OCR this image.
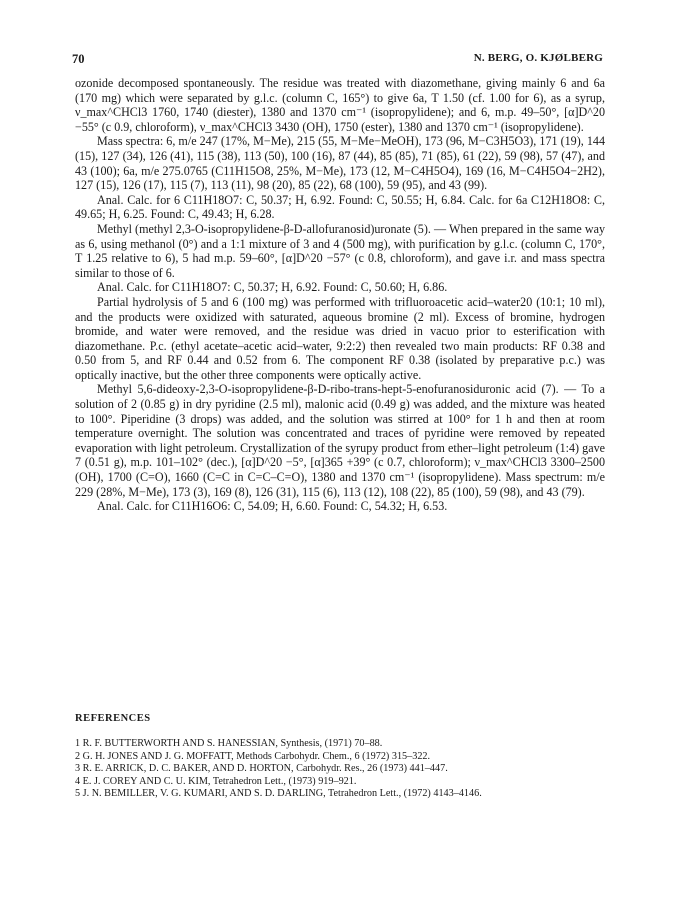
70	N. BERG, O. KJØLBERG

ozonide decomposed spontaneously. The residue was treated with diazomethane, giving mainly 6 and 6a (170 mg) which were separated by g.l.c. (column C, 165°) to give 6a, T 1.50 (cf. 1.00 for 6), as a syrup, ν_max^CHCl3 1760, 1740 (diester), 1380 and 1370 cm⁻¹ (isopropylidene); and 6, m.p. 49–50°, [α]D^20 −55° (c 0.9, chloroform), ν_max^CHCl3 3430 (OH), 1750 (ester), 1380 and 1370 cm⁻¹ (isopropylidene).

Mass spectra: 6, m/e 247 (17%, M−Me), 215 (55, M−Me−MeOH), 173 (96, M−C3H5O3), 171 (19), 144 (15), 127 (34), 126 (41), 115 (38), 113 (50), 100 (16), 87 (44), 85 (85), 71 (85), 61 (22), 59 (98), 57 (47), and 43 (100); 6a, m/e 275.0765 (C11H15O8, 25%, M−Me), 173 (12, M−C4H5O4), 169 (16, M−C4H5O4−2H2), 127 (15), 126 (17), 115 (7), 113 (11), 98 (20), 85 (22), 68 (100), 59 (95), and 43 (99).

Anal. Calc. for 6 C11H18O7: C, 50.37; H, 6.92. Found: C, 50.55; H, 6.84. Calc. for 6a C12H18O8: C, 49.65; H, 6.25. Found: C, 49.43; H, 6.28.

Methyl (methyl 2,3-O-isopropylidene-β-D-allofuranosid)uronate (5). — When prepared in the same way as 6, using methanol (0°) and a 1:1 mixture of 3 and 4 (500 mg), with purification by g.l.c. (column C, 170°, T 1.25 relative to 6), 5 had m.p. 59–60°, [α]D^20 −57° (c 0.8, chloroform), and gave i.r. and mass spectra similar to those of 6.

Anal. Calc. for C11H18O7: C, 50.37; H, 6.92. Found: C, 50.60; H, 6.86.

Partial hydrolysis of 5 and 6 (100 mg) was performed with trifluoroacetic acid–water20 (10:1; 10 ml), and the products were oxidized with saturated, aqueous bromine (2 ml). Excess of bromine, hydrogen bromide, and water were removed, and the residue was dried in vacuo prior to esterification with diazomethane. P.c. (ethyl acetate–acetic acid–water, 9:2:2) then revealed two main products: RF 0.38 and 0.50 from 5, and RF 0.44 and 0.52 from 6. The component RF 0.38 (isolated by preparative p.c.) was optically inactive, but the other three components were optically active.

Methyl 5,6-dideoxy-2,3-O-isopropylidene-β-D-ribo-trans-hept-5-enofuranosiduronic acid (7). — To a solution of 2 (0.85 g) in dry pyridine (2.5 ml), malonic acid (0.49 g) was added, and the mixture was heated to 100°. Piperidine (3 drops) was added, and the solution was stirred at 100° for 1 h and then at room temperature overnight. The solution was concentrated and traces of pyridine were removed by repeated evaporation with light petroleum. Crystallization of the syrupy product from ether–light petroleum (1:4) gave 7 (0.51 g), m.p. 101–102° (dec.), [α]D^20 −5°, [α]365 +39° (c 0.7, chloroform); ν_max^CHCl3 3300–2500 (OH), 1700 (C=O), 1660 (C=C in C=C–C=O), 1380 and 1370 cm⁻¹ (isopropylidene). Mass spectrum: m/e 229 (28%, M−Me), 173 (3), 169 (8), 126 (31), 115 (6), 113 (12), 108 (22), 85 (100), 59 (98), and 43 (79).

Anal. Calc. for C11H16O6: C, 54.09; H, 6.60. Found: C, 54.32; H, 6.53.

REFERENCES
1 R. F. BUTTERWORTH AND S. HANESSIAN, Synthesis, (1971) 70–88.
2 G. H. JONES AND J. G. MOFFATT, Methods Carbohydr. Chem., 6 (1972) 315–322.
3 R. E. ARRICK, D. C. BAKER, AND D. HORTON, Carbohydr. Res., 26 (1973) 441–447.
4 E. J. COREY AND C. U. KIM, Tetrahedron Lett., (1973) 919–921.
5 J. N. BEMILLER, V. G. KUMARI, AND S. D. DARLING, Tetrahedron Lett., (1972) 4143–4146.
